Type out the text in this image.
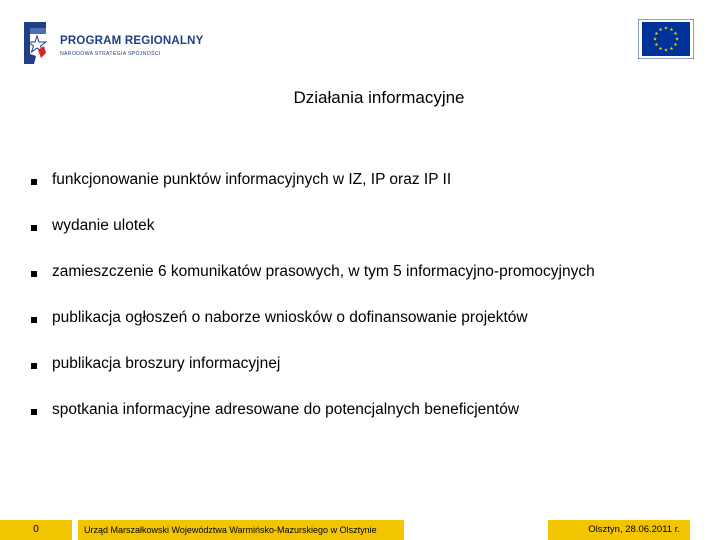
PROGRAM REGIONALNY
NARODOWA STRATEGIA SPÓJNOŚCI
Działania informacyjne
funkcjonowanie punktów informacyjnych w IZ, IP oraz IP II
wydanie ulotek
zamieszczenie 6 komunikatów prasowych, w tym 5 informacyjno-promocyjnych
publikacja ogłoszeń o naborze wniosków o dofinansowanie projektów
publikacja broszury informacyjnej
spotkania informacyjne adresowane do potencjalnych beneficjentów
0	Urząd Marszałkowski Województwa Warmińsko-Mazurskiego w Olsztynie	Olsztyn, 28.06.2011 r.
